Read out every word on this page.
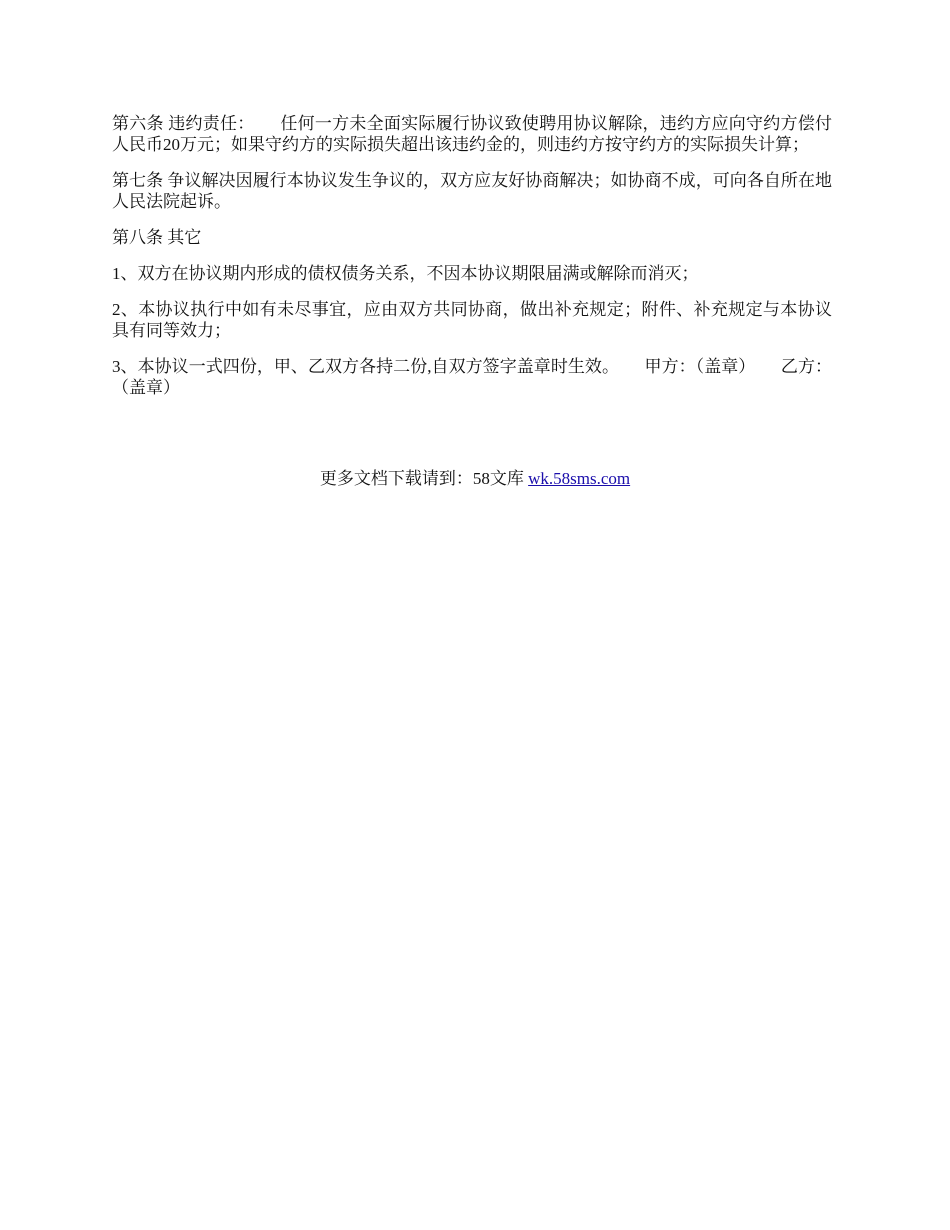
第六条 违约责任：　　任何一方未全面实际履行协议致使聘用协议解除，违约方应向守约方偿付人民币20万元；如果守约方的实际损失超出该违约金的，则违约方按守约方的实际损失计算；

第七条 争议解决因履行本协议发生争议的，双方应友好协商解决；如协商不成，可向各自所在地人民法院起诉。

第八条 其它

1、双方在协议期内形成的债权债务关系，不因本协议期限届满或解除而消灭；

2、本协议执行中如有未尽事宜，应由双方共同协商，做出补充规定；附件、补充规定与本协议具有同等效力；

3、本协议一式四份，甲、乙双方各持二份,自双方签字盖章时生效。　　甲方：（盖章）　　乙方：（盖章）

更多文档下载请到：58文库 wk.58sms.com
